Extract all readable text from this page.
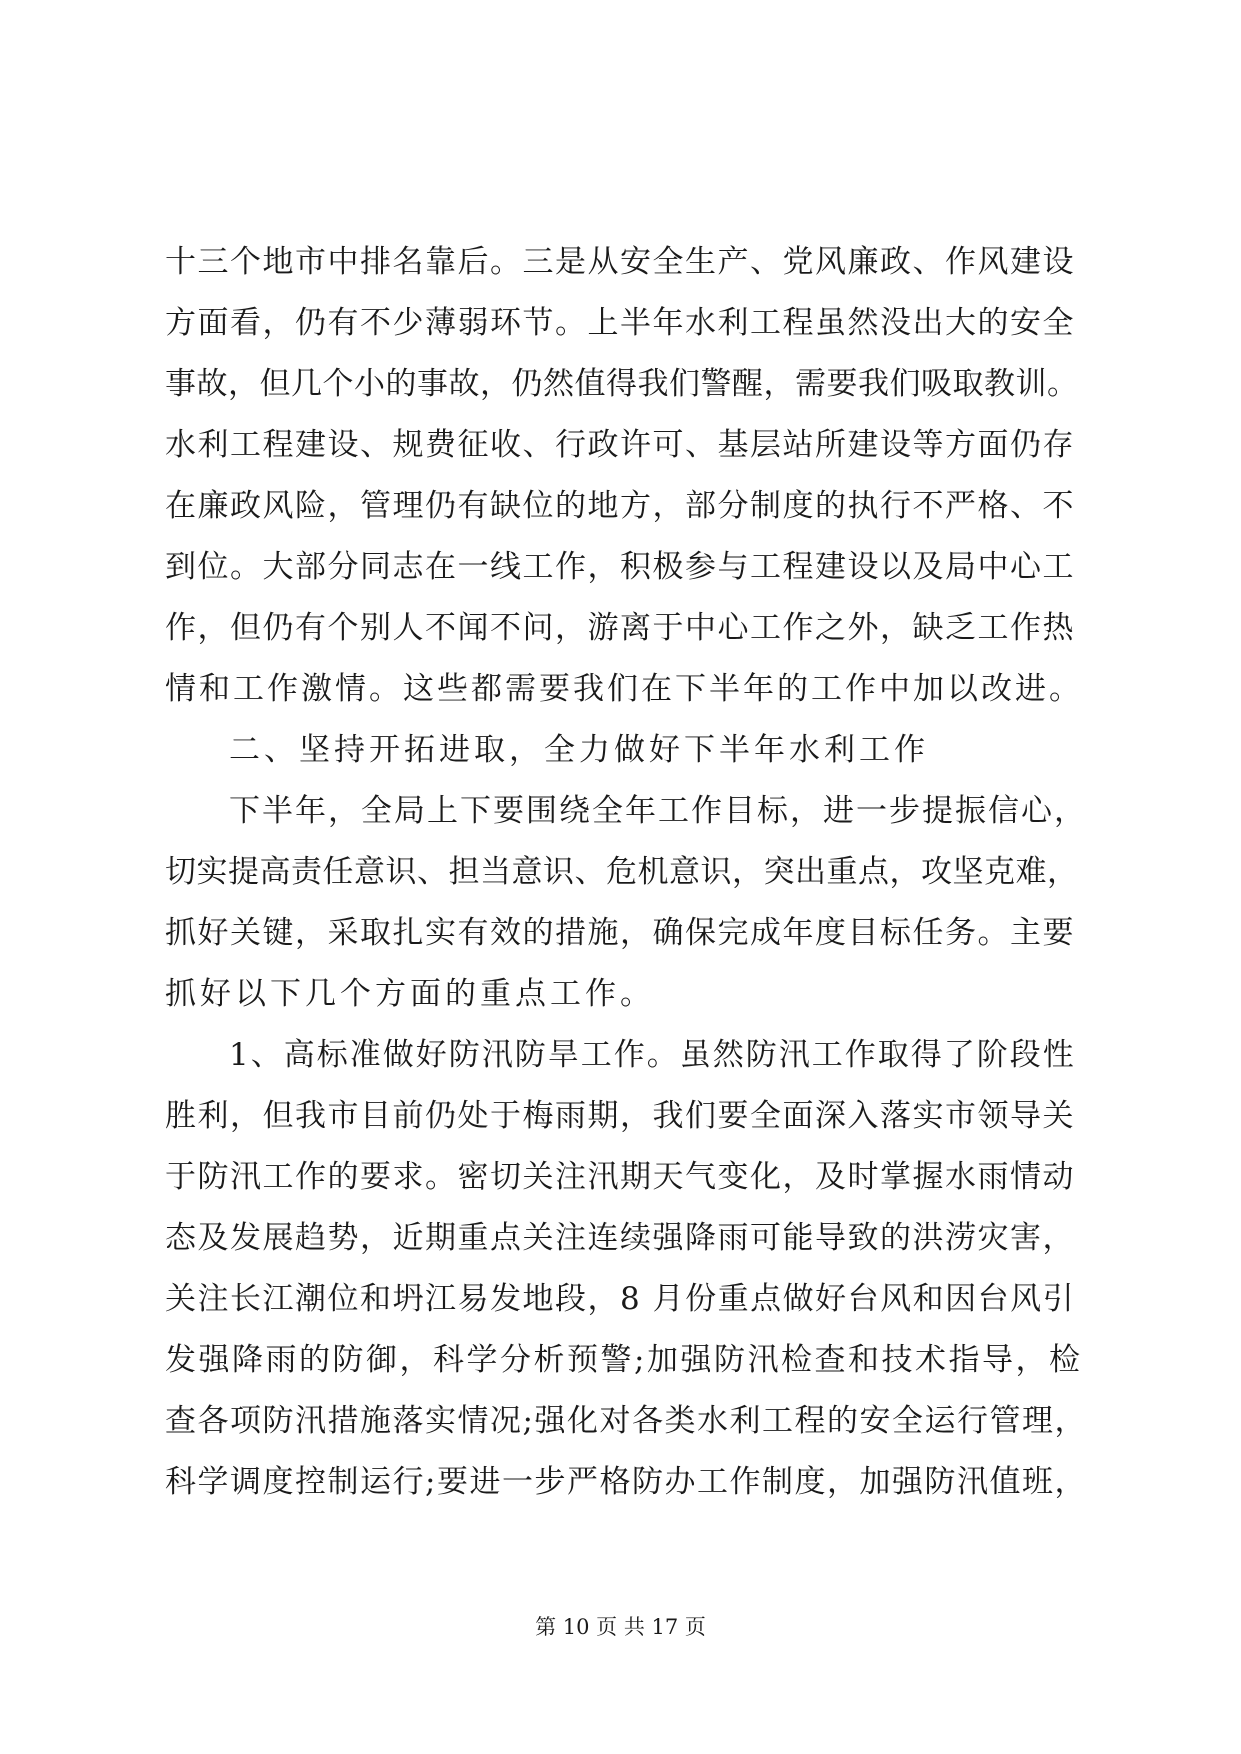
十三个地市中排名靠后。三是从安全生产、党风廉政、作风建设
方面看，仍有不少薄弱环节。上半年水利工程虽然没出大的安全
事故，但几个小的事故，仍然值得我们警醒，需要我们吸取教训。
水利工程建设、规费征收、行政许可、基层站所建设等方面仍存
在廉政风险，管理仍有缺位的地方，部分制度的执行不严格、不
到位。大部分同志在一线工作，积极参与工程建设以及局中心工
作，但仍有个别人不闻不问，游离于中心工作之外，缺乏工作热
情和工作激情。这些都需要我们在下半年的工作中加以改进。
二、坚持开拓进取，全力做好下半年水利工作
下半年，全局上下要围绕全年工作目标，进一步提振信心，
切实提高责任意识、担当意识、危机意识，突出重点，攻坚克难，
抓好关键，采取扎实有效的措施，确保完成年度目标任务。主要
抓好以下几个方面的重点工作。
1、高标准做好防汛防旱工作。虽然防汛工作取得了阶段性
胜利，但我市目前仍处于梅雨期，我们要全面深入落实市领导关
于防汛工作的要求。密切关注汛期天气变化，及时掌握水雨情动
态及发展趋势，近期重点关注连续强降雨可能导致的洪涝灾害，
关注长江潮位和坍江易发地段，8 月份重点做好台风和因台风引
发强降雨的防御，科学分析预警;加强防汛检查和技术指导，检
查各项防汛措施落实情况;强化对各类水利工程的安全运行管理，
科学调度控制运行;要进一步严格防办工作制度，加强防汛值班，
第 10 页 共 17 页
